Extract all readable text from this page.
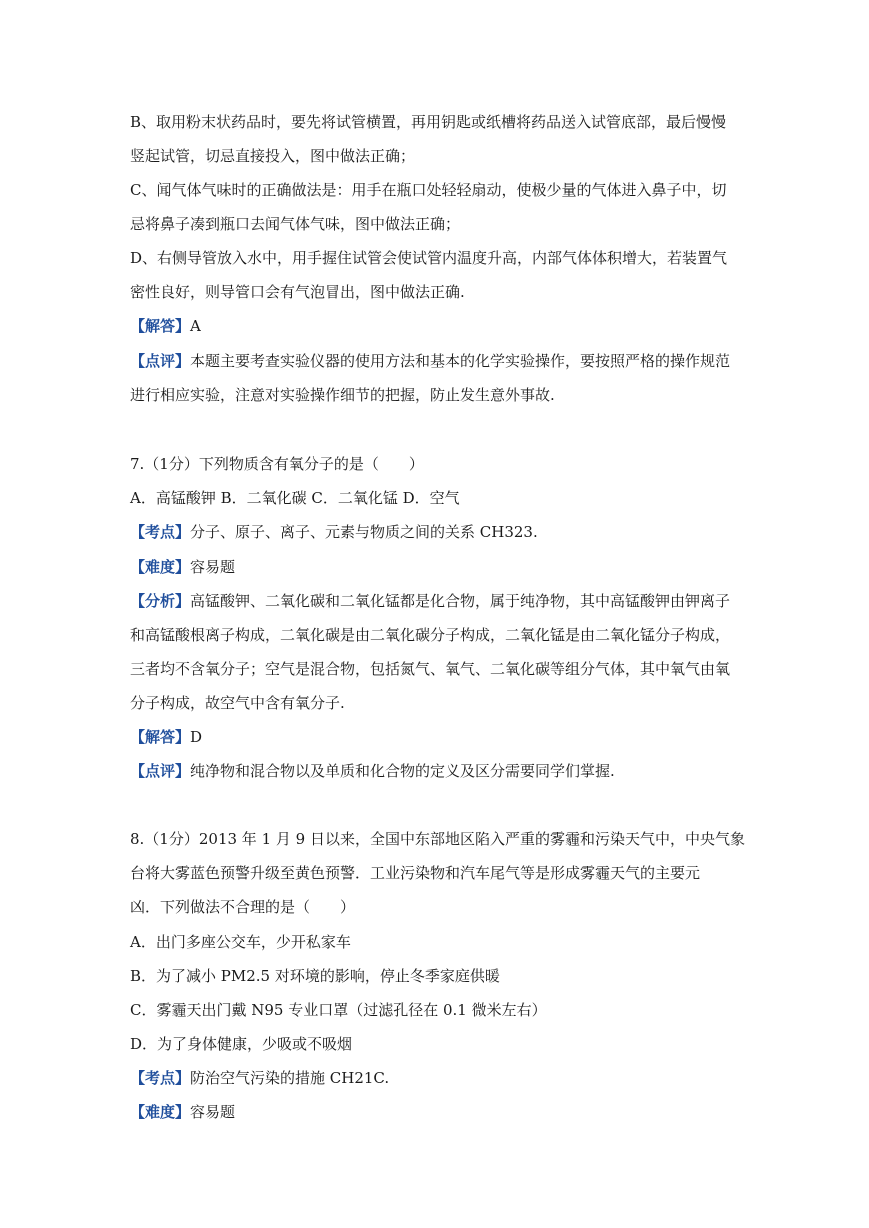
B、取用粉末状药品时，要先将试管横置，再用钥匙或纸槽将药品送入试管底部，最后慢慢
竖起试管，切忌直接投入，图中做法正确；
C、闻气体气味时的正确做法是：用手在瓶口处轻轻扇动，使极少量的气体进入鼻子中，切
忌将鼻子凑到瓶口去闻气体气味，图中做法正确；
D、右侧导管放入水中，用手握住试管会使试管内温度升高，内部气体体积增大，若装置气
密性良好，则导管口会有气泡冒出，图中做法正确.
【解答】A
【点评】本题主要考查实验仪器的使用方法和基本的化学实验操作，要按照严格的操作规范
进行相应实验，注意对实验操作细节的把握，防止发生意外事故.
7.（1分）下列物质含有氧分子的是（　　）
A．高锰酸钾 B．二氧化碳 C．二氧化锰 D．空气
【考点】分子、原子、离子、元素与物质之间的关系 CH323.
【难度】容易题
【分析】高锰酸钾、二氧化碳和二氧化锰都是化合物，属于纯净物，其中高锰酸钾由钾离子
和高锰酸根离子构成，二氧化碳是由二氧化碳分子构成，二氧化锰是由二氧化锰分子构成，
三者均不含氧分子；空气是混合物，包括氮气、氧气、二氧化碳等组分气体，其中氧气由氧
分子构成，故空气中含有氧分子.
【解答】D
【点评】纯净物和混合物以及单质和化合物的定义及区分需要同学们掌握.
8.（1分）2013 年 1 月 9 日以来，全国中东部地区陷入严重的雾霾和污染天气中，中央气象
台将大雾蓝色预警升级至黄色预警．工业污染物和汽车尾气等是形成雾霾天气的主要元
凶．下列做法不合理的是（　　）
A．出门多座公交车，少开私家车
B．为了减小 PM2.5 对环境的影响，停止冬季家庭供暖
C．雾霾天出门戴 N95 专业口罩（过滤孔径在 0.1 微米左右）
D．为了身体健康，少吸或不吸烟
【考点】防治空气污染的措施 CH21C.
【难度】容易题
